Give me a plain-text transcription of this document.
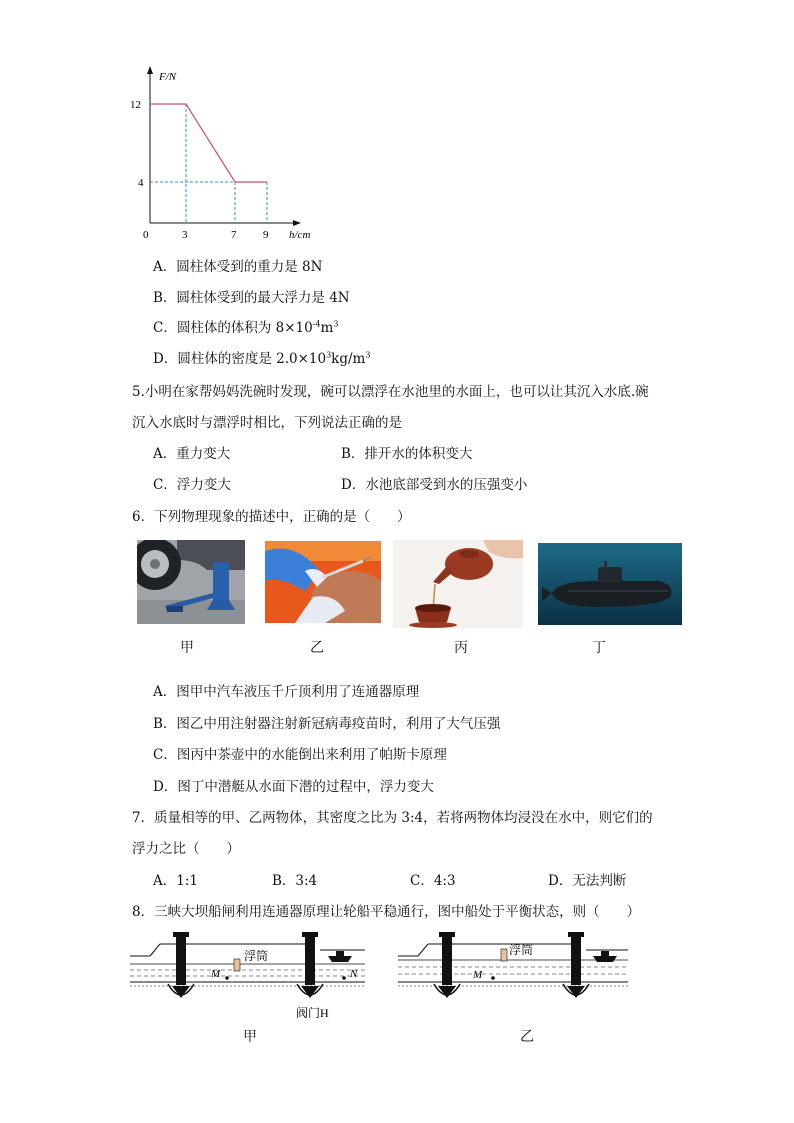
F/N
12
4
0	3	7 9 h/cm
A．圆柱体受到的重力是 8N
B．圆柱体受到的最大浮力是 4N
C．圆柱体的体积为 $8\times 10^{-4}m^3$
D．圆柱体的密度是 $2.0\times 10^3kg/m^3$
5.小明在家帮妈妈洗碗时发现，碗可以漂浮在水池里的水面上，也可以让其沉入水底.碗
沉入水底时与漂浮时相比，下列说法正确的是
A．重力变大	B．排开水的体积变大
C．浮力变大	D．水池底部受到水的压强变小
6．下列物理现象的描述中，正确的是（　　）
甲	乙	丙	丁
A．图甲中汽车液压千斤顶利用了连通器原理
B．图乙中用注射器注射新冠病毒疫苗时，利用了大气压强
C．图丙中茶壶中的水能倒出来利用了帕斯卡原理
D．图丁中潜艇从水面下潜的过程中，浮力变大
7．质量相等的甲、乙两物体，其密度之比为 3:4，若将两物体均浸没在水中，则它们的
浮力之比（　　）
A．1:1	B．3:4	C．4:3	D．无法判断
8．三峡大坝船闸利用连通器原理让轮船平稳通行，图中船处于平衡状态，则（　　）
浮筒
M	N
阀门H
甲
浮筒
M
乙
